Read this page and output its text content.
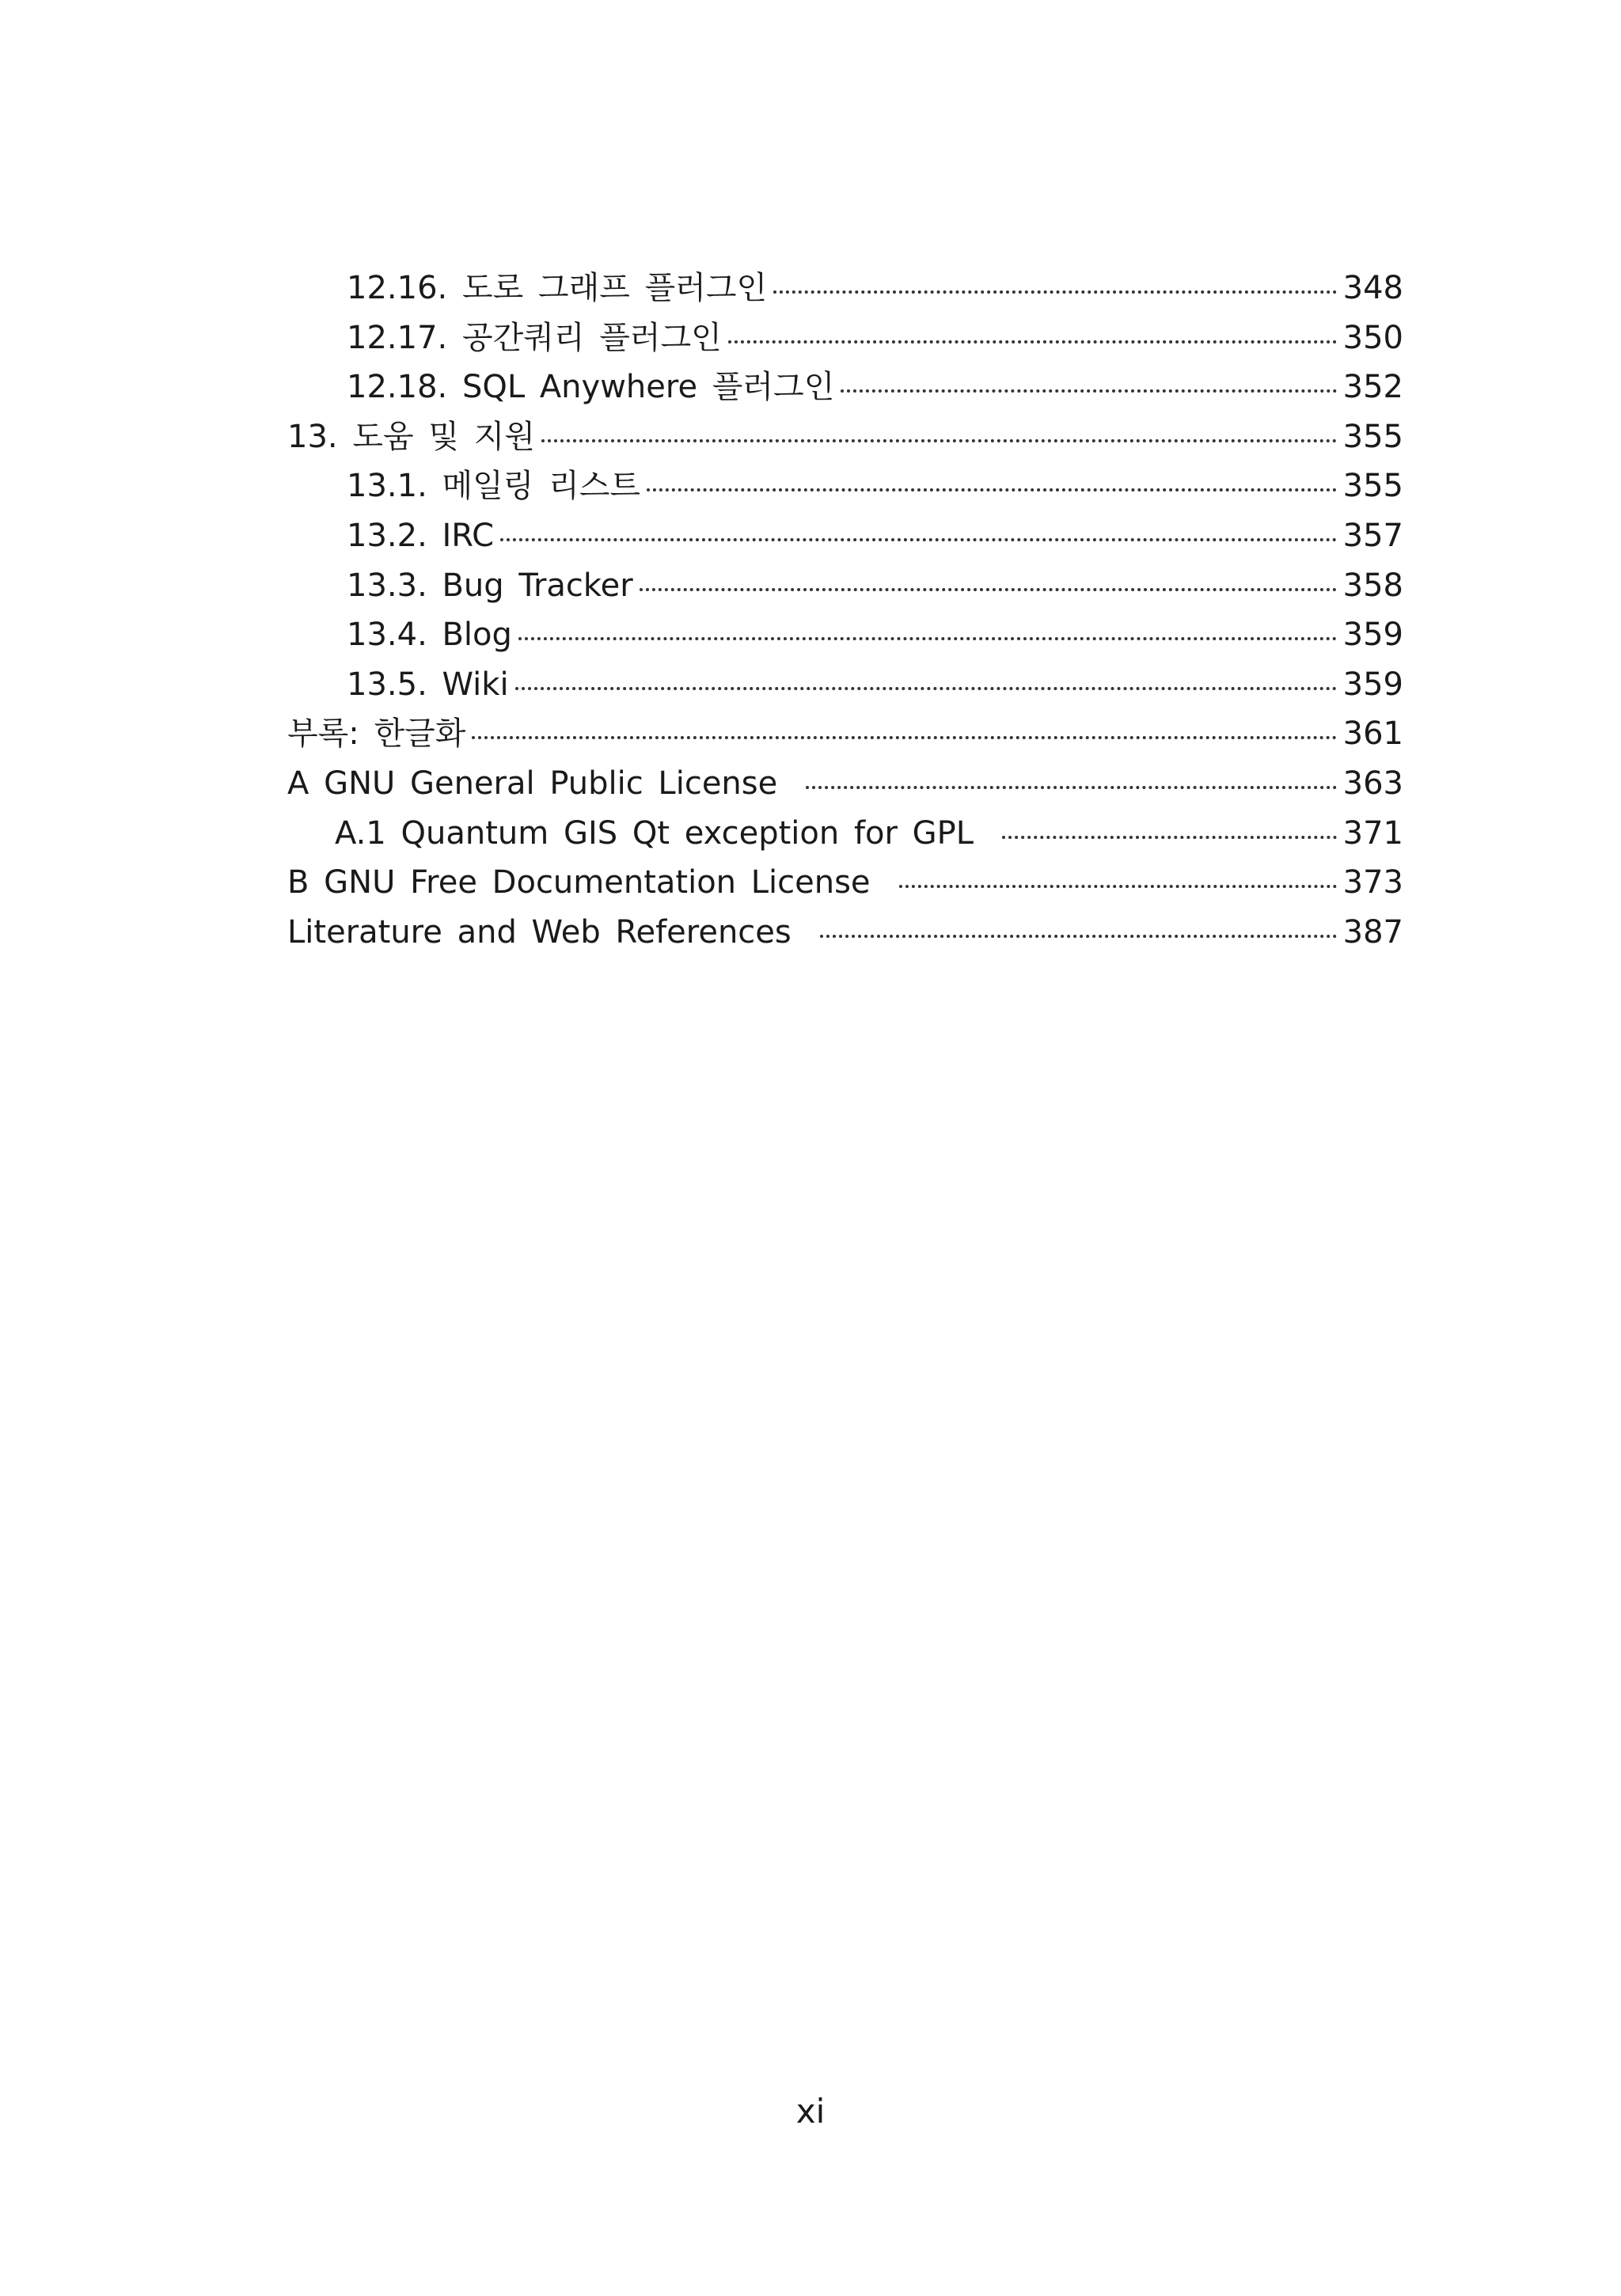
12.16. 도로 그래프 플러그인	348
12.17. 공간쿼리 플러그인	350
12.18. SQL Anywhere 플러그인	352
13. 도움 및 지원	355
13.1. 메일링 리스트	355
13.2. IRC	357
13.3. Bug Tracker	358
13.4. Blog	359
13.5. Wiki	359
부록: 한글화	361
A GNU General Public License	363
A.1 Quantum GIS Qt exception for GPL	371
B GNU Free Documentation License	373
Literature and Web References	387
xi
